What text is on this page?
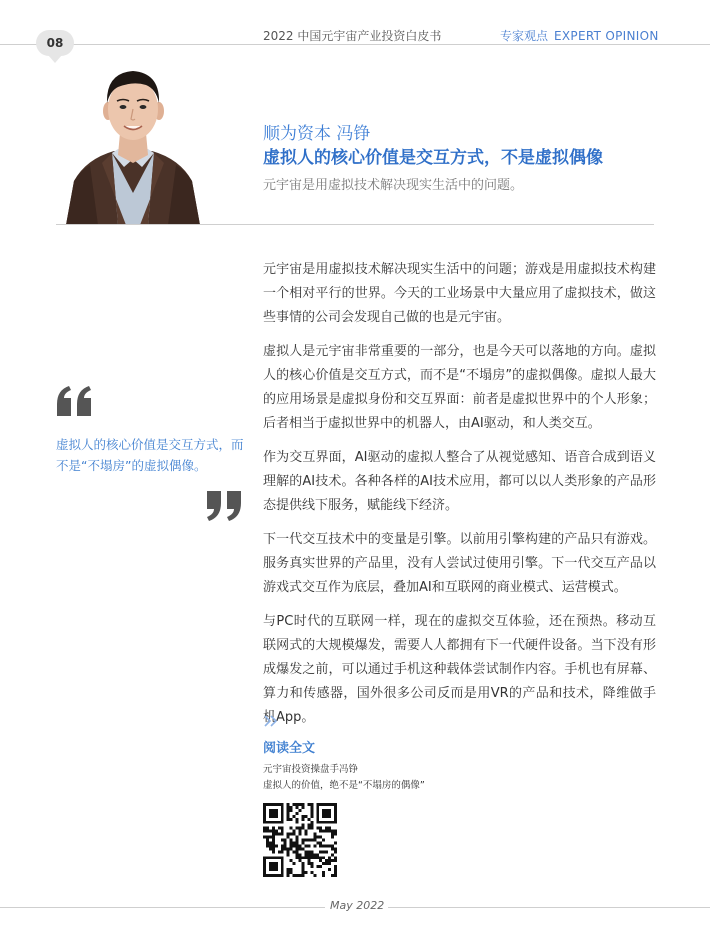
08	2022 中国元宇宙产业投资白皮书	专家观点 EXPERT OPINION
顺为资本 冯铮
虚拟人的核心价值是交互方式，不是虚拟偶像
元宇宙是用虚拟技术解决现实生活中的问题。
虚拟人的核心价值是交互方式，而不是“不塌房”的虚拟偶像。

元宇宙是用虚拟技术解决现实生活中的问题；游戏是用虚拟技术构建一个相对平行的世界。今天的工业场景中大量应用了虚拟技术，做这些事情的公司会发现自己做的也是元宇宙。

虚拟人是元宇宙非常重要的一部分，也是今天可以落地的方向。虚拟人的核心价值是交互方式，而不是“不塌房”的虚拟偶像。虚拟人最大的应用场景是虚拟身份和交互界面：前者是虚拟世界中的个人形象；后者相当于虚拟世界中的机器人，由AI驱动，和人类交互。

作为交互界面，AI驱动的虚拟人整合了从视觉感知、语音合成到语义理解的AI技术。各种各样的AI技术应用，都可以以人类形象的产品形态提供线下服务，赋能线下经济。

下一代交互技术中的变量是引擎。以前用引擎构建的产品只有游戏。服务真实世界的产品里，没有人尝试过使用引擎。下一代交互产品以游戏式交互作为底层，叠加AI和互联网的商业模式、运营模式。

与PC时代的互联网一样，现在的虚拟交互体验，还在预热。移动互联网式的大规模爆发，需要人人都拥有下一代硬件设备。当下没有形成爆发之前，可以通过手机这种载体尝试制作内容。手机也有屏幕、算力和传感器，国外很多公司反而是用VR的产品和技术，降维做手机App。

阅读全文
元宇宙投资操盘手冯铮
虚拟人的价值，绝不是“不塌房的偶像”
May 2022
